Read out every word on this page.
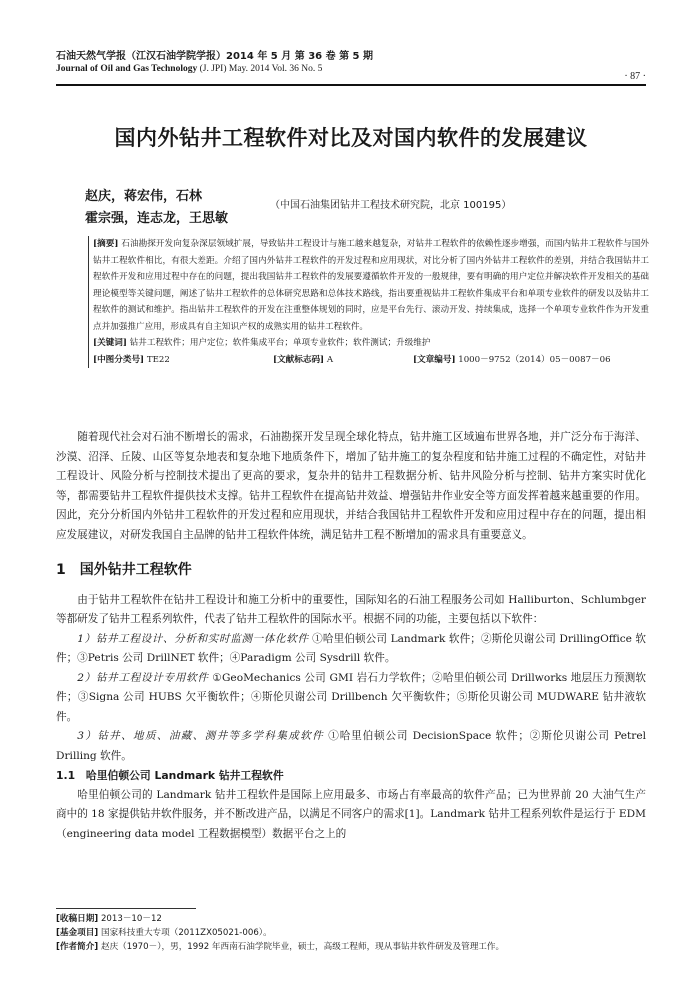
石油天然气学报（江汉石油学院学报）2014 年 5 月 第 36 卷 第 5 期
Journal of Oil and Gas Technology (J. JPI) May. 2014 Vol. 36 No. 5
· 87 ·
国内外钻井工程软件对比及对国内软件的发展建议
赵庆，蒋宏伟，石林
霍宗强，连志龙，王思敏
（中国石油集团钻井工程技术研究院，北京 100195）
[摘要] 石油勘探开发向复杂深层领域扩展，导致钻井工程设计与施工越来越复杂，对钻井工程软件的依赖性逐步增强，而国内钻井工程软件与国外钻井工程软件相比，有很大差距。介绍了国内外钻井工程软件的开发过程和应用现状，对比分析了国内外钻井工程软件的差别，并结合我国钻井工程软件开发和应用过程中存在的问题，提出我国钻井工程软件的发展要遵循软件开发的一般规律，要有明确的用户定位并解决软件开发相关的基础理论模型等关键问题，阐述了钻井工程软件的总体研究思路和总体技术路线，指出要重视钻井工程软件集成平台和单项专业软件的研发以及钻井工程软件的测试和维护。指出钻井工程软件的开发在注重整体规划的同时，应是平台先行、滚动开发、持续集成，选择一个单项专业软件作为开发重点并加强推广应用，形成具有自主知识产权的成熟实用的钻井工程软件。
[关键词] 钻井工程软件；用户定位；软件集成平台；单项专业软件；软件测试；升级维护
[中图分类号] TE22	[文献标志码] A	[文章编号] 1000－9752（2014）05－0087－06

随着现代社会对石油不断增长的需求，石油勘探开发呈现全球化特点，钻井施工区域遍布世界各地，并广泛分布于海洋、沙漠、沼泽、丘陵、山区等复杂地表和复杂地下地质条件下，增加了钻井施工的复杂程度和钻井施工过程的不确定性，对钻井工程设计、风险分析与控制技术提出了更高的要求，复杂井的钻井工程数据分析、钻井风险分析与控制、钻井方案实时优化等，都需要钻井工程软件提供技术支撑。钻井工程软件在提高钻井效益、增强钻井作业安全等方面发挥着越来越重要的作用。因此，充分分析国内外钻井工程软件的开发过程和应用现状，并结合我国钻井工程软件开发和应用过程中存在的问题，提出相应发展建议，对研发我国自主品牌的钻井工程软件体统，满足钻井工程不断增加的需求具有重要意义。

1　国外钻井工程软件

由于钻井工程软件在钻井工程设计和施工分析中的重要性，国际知名的石油工程服务公司如 Halliburton、Schlumbger 等都研发了钻井工程系列软件，代表了钻井工程软件的国际水平。根据不同的功能，主要包括以下软件：

1）钻井工程设计、分析和实时监测一体化软件 ①哈里伯顿公司 Landmark 软件；②斯伦贝谢公司 DrillingOffice 软件；③Petris 公司 DrillNET 软件；④Paradigm 公司 Sysdrill 软件。

2）钻井工程设计专用软件 ①GeoMechanics 公司 GMI 岩石力学软件；②哈里伯顿公司 Drillworks 地层压力预测软件；③Signa 公司 HUBS 欠平衡软件；④斯伦贝谢公司 Drillbench 欠平衡软件；⑤斯伦贝谢公司 MUDWARE 钻井液软件。

3）钻井、地质、油藏、测井等多学科集成软件 ①哈里伯顿公司 DecisionSpace 软件；②斯伦贝谢公司 Petrel Drilling 软件。

1.1　哈里伯顿公司 Landmark 钻井工程软件

哈里伯顿公司的 Landmark 钻井工程软件是国际上应用最多、市场占有率最高的软件产品；已为世界前 20 大油气生产商中的 18 家提供钻井软件服务，并不断改进产品，以满足不同客户的需求[1]。Landmark 钻井工程系列软件是运行于 EDM（engineering data model 工程数据模型）数据平台之上的

[收稿日期] 2013－10－12
[基金项目] 国家科技重大专项（2011ZX05021-006）。
[作者简介] 赵庆（1970－），男，1992 年西南石油学院毕业，硕士，高级工程师，现从事钻井软件研发及管理工作。
